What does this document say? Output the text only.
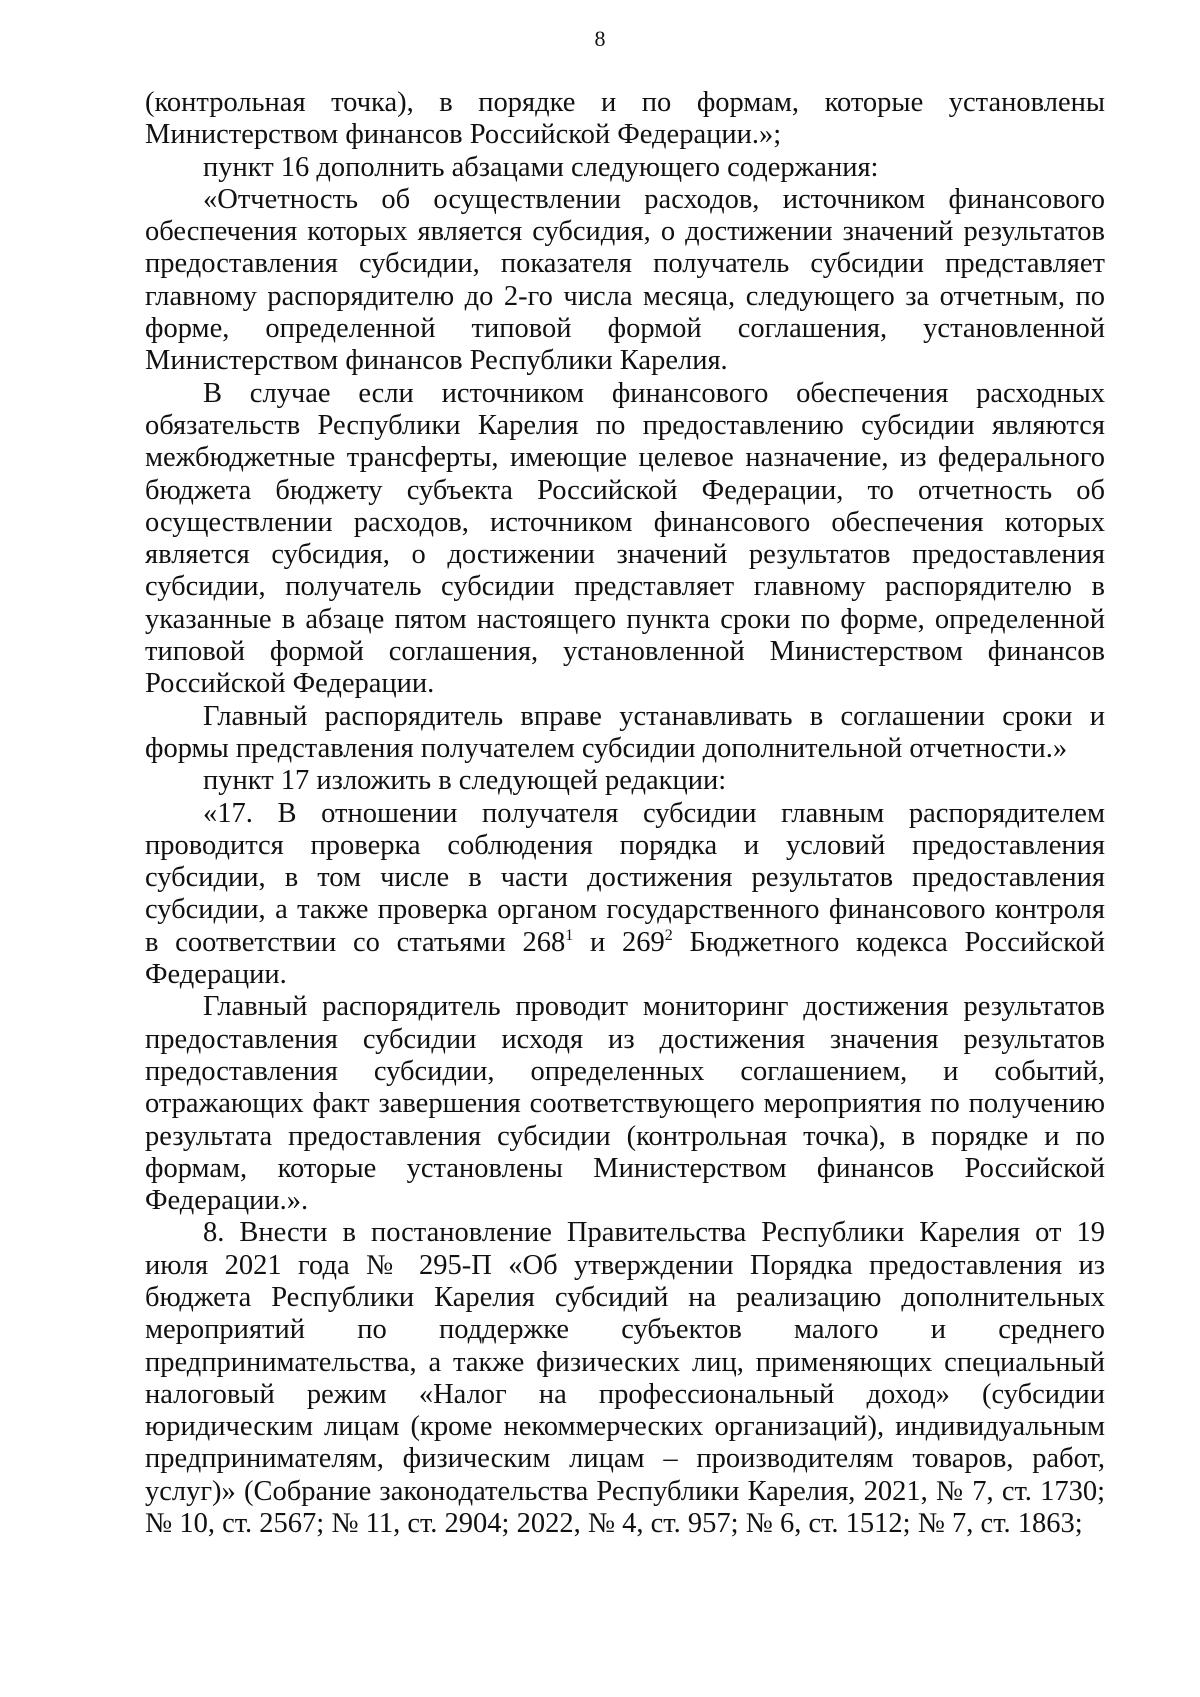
8

(контрольная точка), в порядке и по формам, которые установлены Министерством финансов Российской Федерации.»;

пункт 16 дополнить абзацами следующего содержания:

«Отчетность об осуществлении расходов, источником финансового обеспечения которых является субсидия, о достижении значений результатов предоставления субсидии, показателя получатель субсидии представляет главному распорядителю до 2-го числа месяца, следующего за отчетным, по форме, определенной типовой формой соглашения, установленной Министерством финансов Республики Карелия.

В случае если источником финансового обеспечения расходных обязательств Республики Карелия по предоставлению субсидии являются межбюджетные трансферты, имеющие целевое назначение, из федерального бюджета бюджету субъекта Российской Федерации, то отчетность об осуществлении расходов, источником финансового обеспечения которых является субсидия, о достижении значений результатов предоставления субсидии, получатель субсидии представляет главному распорядителю в указанные в абзаце пятом настоящего пункта сроки по форме, определенной типовой формой соглашения, установленной Министерством финансов Российской Федерации.

Главный распорядитель вправе устанавливать в соглашении сроки и формы представления получателем субсидии дополнительной отчетности.»

пункт 17 изложить в следующей редакции:

«17. В отношении получателя субсидии главным распорядителем проводится проверка соблюдения порядка и условий предоставления субсидии, в том числе в части достижения результатов предоставления субсидии, а также проверка органом государственного финансового контроля в соответствии со статьями $268^1$ и $269^2$ Бюджетного кодекса Российской Федерации.

Главный распорядитель проводит мониторинг достижения результатов предоставления субсидии исходя из достижения значения результатов предоставления субсидии, определенных соглашением, и событий, отражающих факт завершения соответствующего мероприятия по получению результата предоставления субсидии (контрольная точка), в порядке и по формам, которые установлены Министерством финансов Российской Федерации.».

8. Внести в постановление Правительства Республики Карелия от 19 июля 2021 года № 295-П «Об утверждении Порядка предоставления из бюджета Республики Карелия субсидий на реализацию дополнительных мероприятий по поддержке субъектов малого и среднего предпринимательства, а также физических лиц, применяющих специальный налоговый режим «Налог на профессиональный доход» (субсидии юридическим лицам (кроме некоммерческих организаций), индивидуальным предпринимателям, физическим лицам – производителям товаров, работ, услуг)» (Собрание законодательства Республики Карелия, 2021, № 7, ст. 1730; № 10, ст. 2567; № 11, ст. 2904; 2022, № 4, ст. 957; № 6, ст. 1512; № 7, ст. 1863;
